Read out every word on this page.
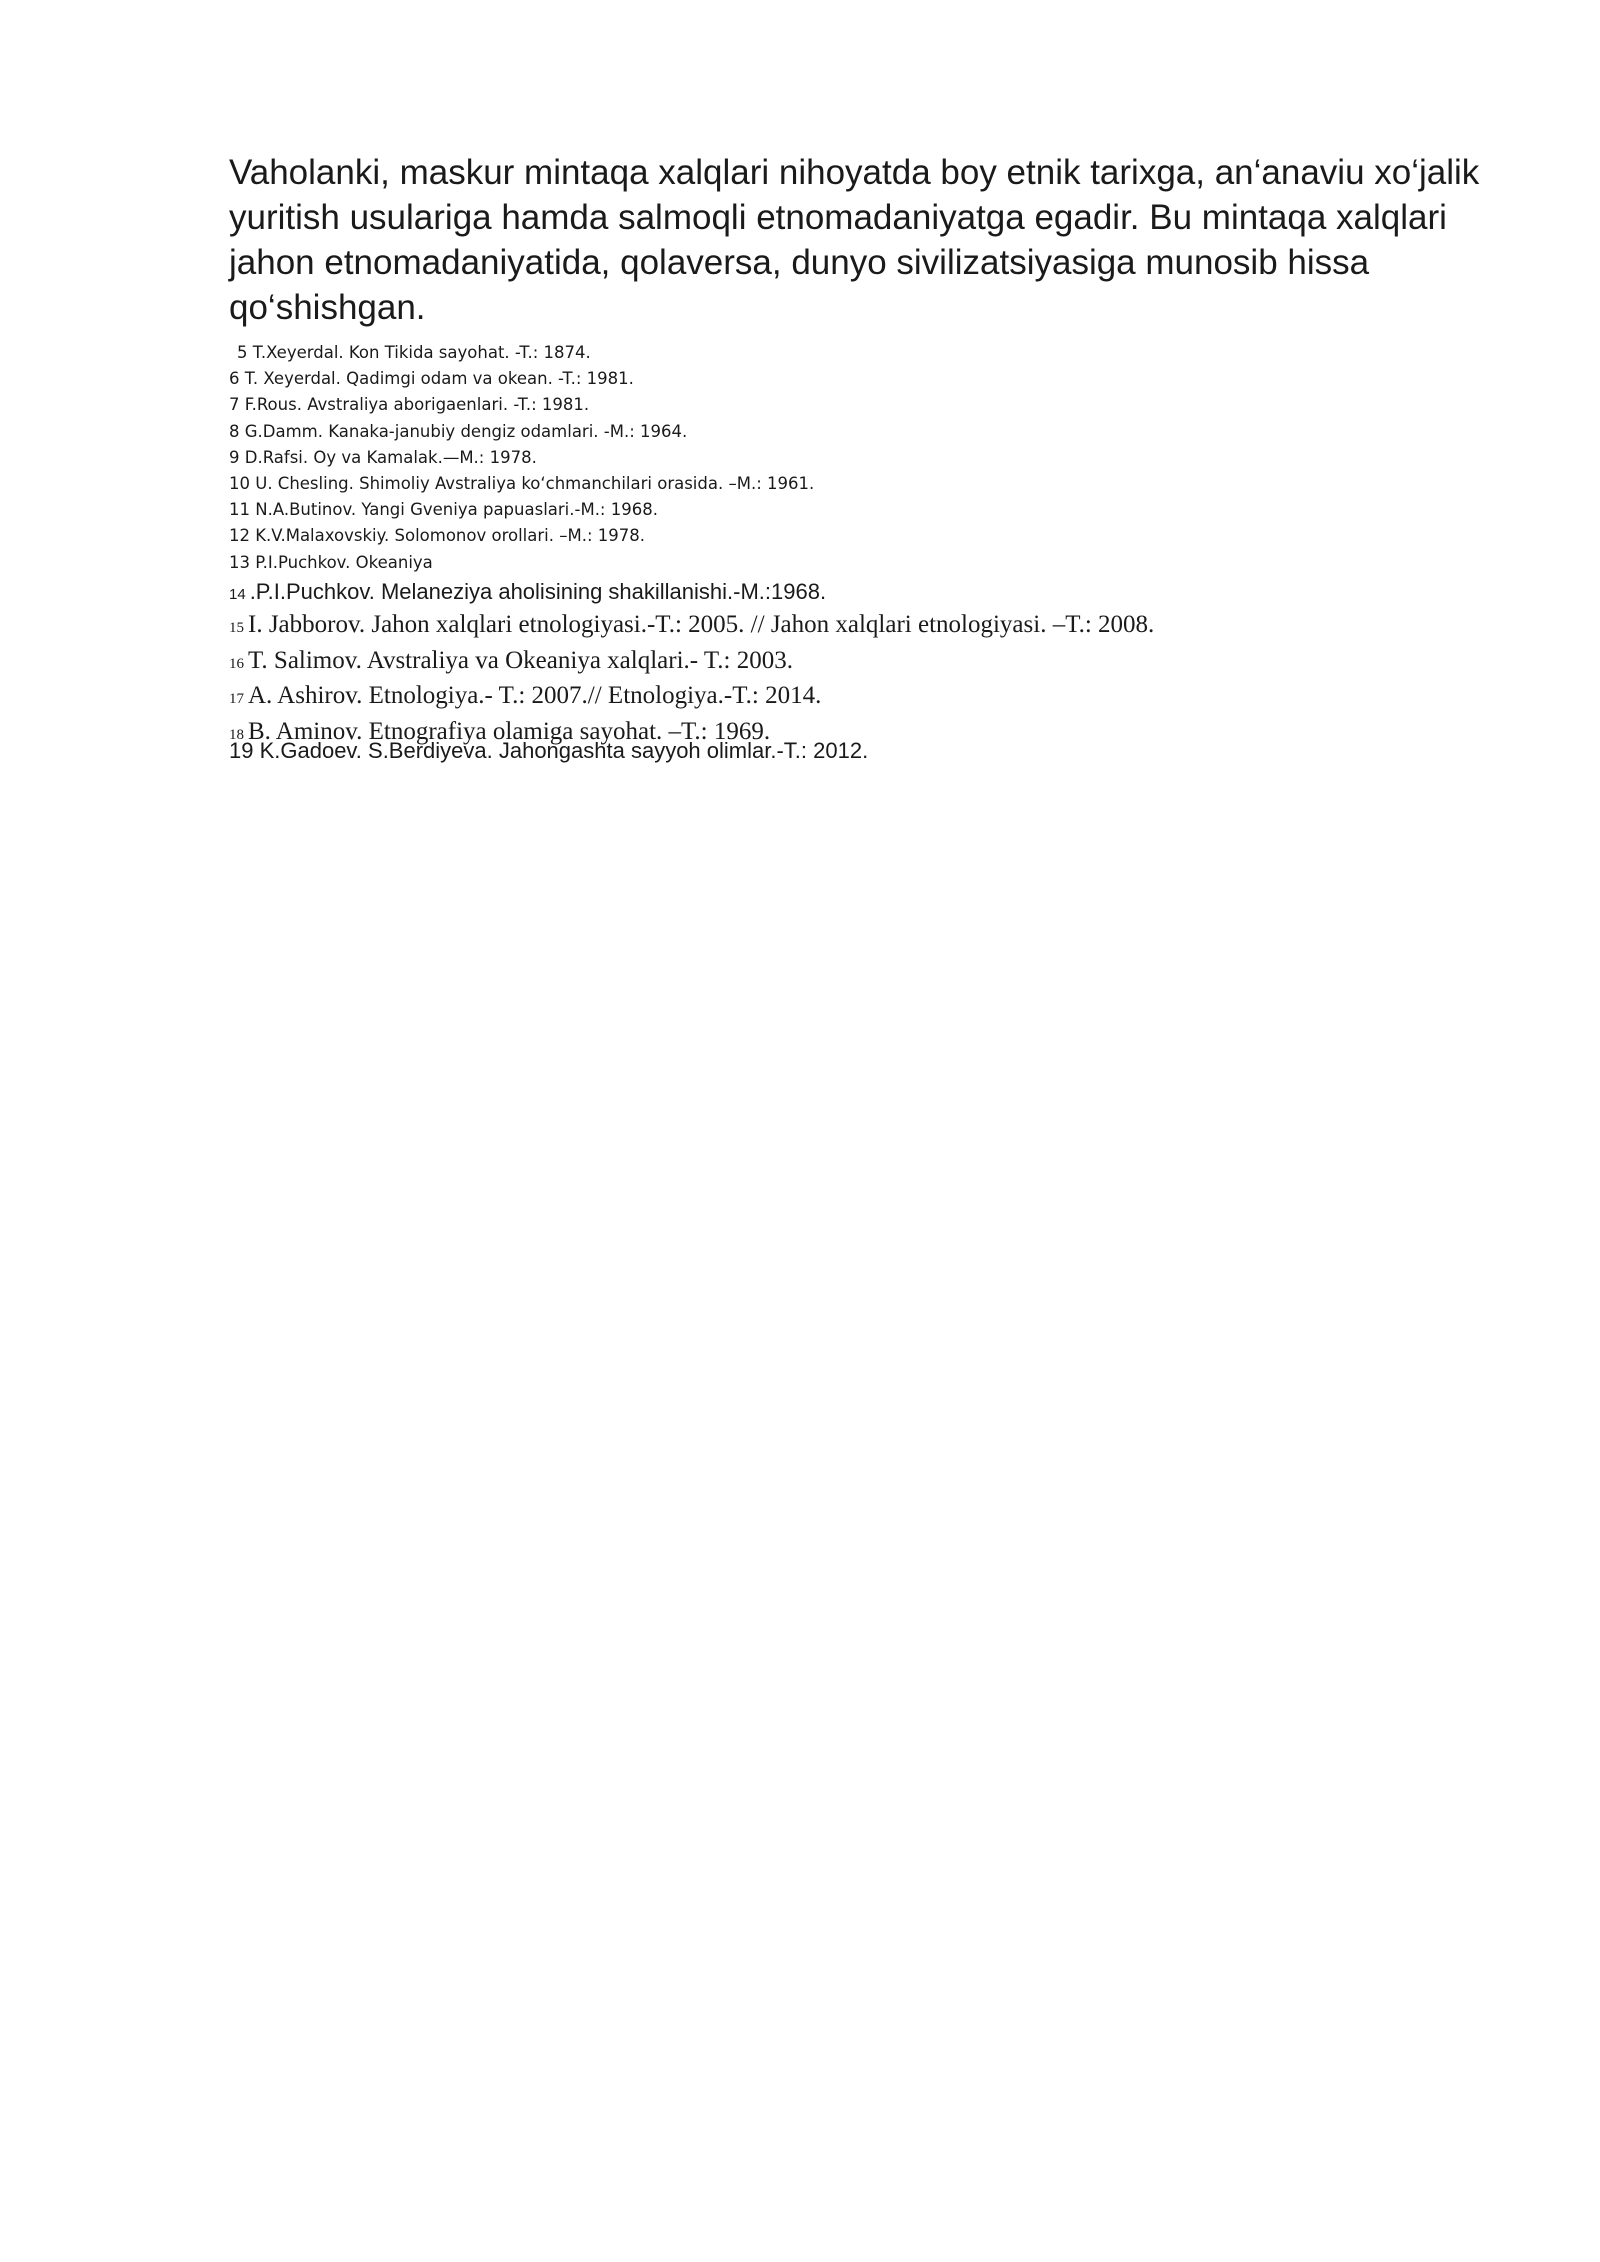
Vaholanki, maskur mintaqa xalqlari nihoyatda boy etnik tarixga, an‘anaviu xo‘jalik yuritish usulariga hamda salmoqli etnomadaniyatga egadir. Bu mintaqa xalqlari jahon etnomadaniyatida, qolaversa, dunyo sivilizatsiyasiga munosib hissa qo‘shishgan.

5 T.Xeyerdal. Kon Tikida sayohat. -T.: 1874.
6 T. Xeyerdal. Qadimgi odam va okean. -T.: 1981.
7 F.Rous. Avstraliya aborigaenlari. -T.: 1981.
8 G.Damm. Kanaka-janubiy dengiz odamlari. -M.: 1964.
9 D.Rafsi. Oy va Kamalak.—M.: 1978.
10 U. Chesling. Shimoliy Avstraliya ko‘chmanchilari orasida. –M.: 1961.
11 N.A.Butinov. Yangi Gveniya papuaslari.-M.: 1968.
12 K.V.Malaxovskiy. Solomonov orollari. –M.: 1978.
13 P.I.Puchkov. Okeaniya

14 .P.I.Puchkov. Melaneziya aholisining shakillanishi.-M.:1968.

15 I. Jabborov. Jahon xalqlari etnologiyasi.-T.: 2005. // Jahon xalqlari etnologiyasi. –T.: 2008.
16 T. Salimov. Avstraliya va Okeaniya xalqlari.- T.: 2003.
17 A. Ashirov. Etnologiya.- T.: 2007.// Etnologiya.-T.: 2014.
18 B. Aminov. Etnografiya olamiga sayohat. –T.: 1969.

19 K.Gadoev. S.Berdiyeva. Jahongashta sayyoh olimlar.-T.: 2012.
